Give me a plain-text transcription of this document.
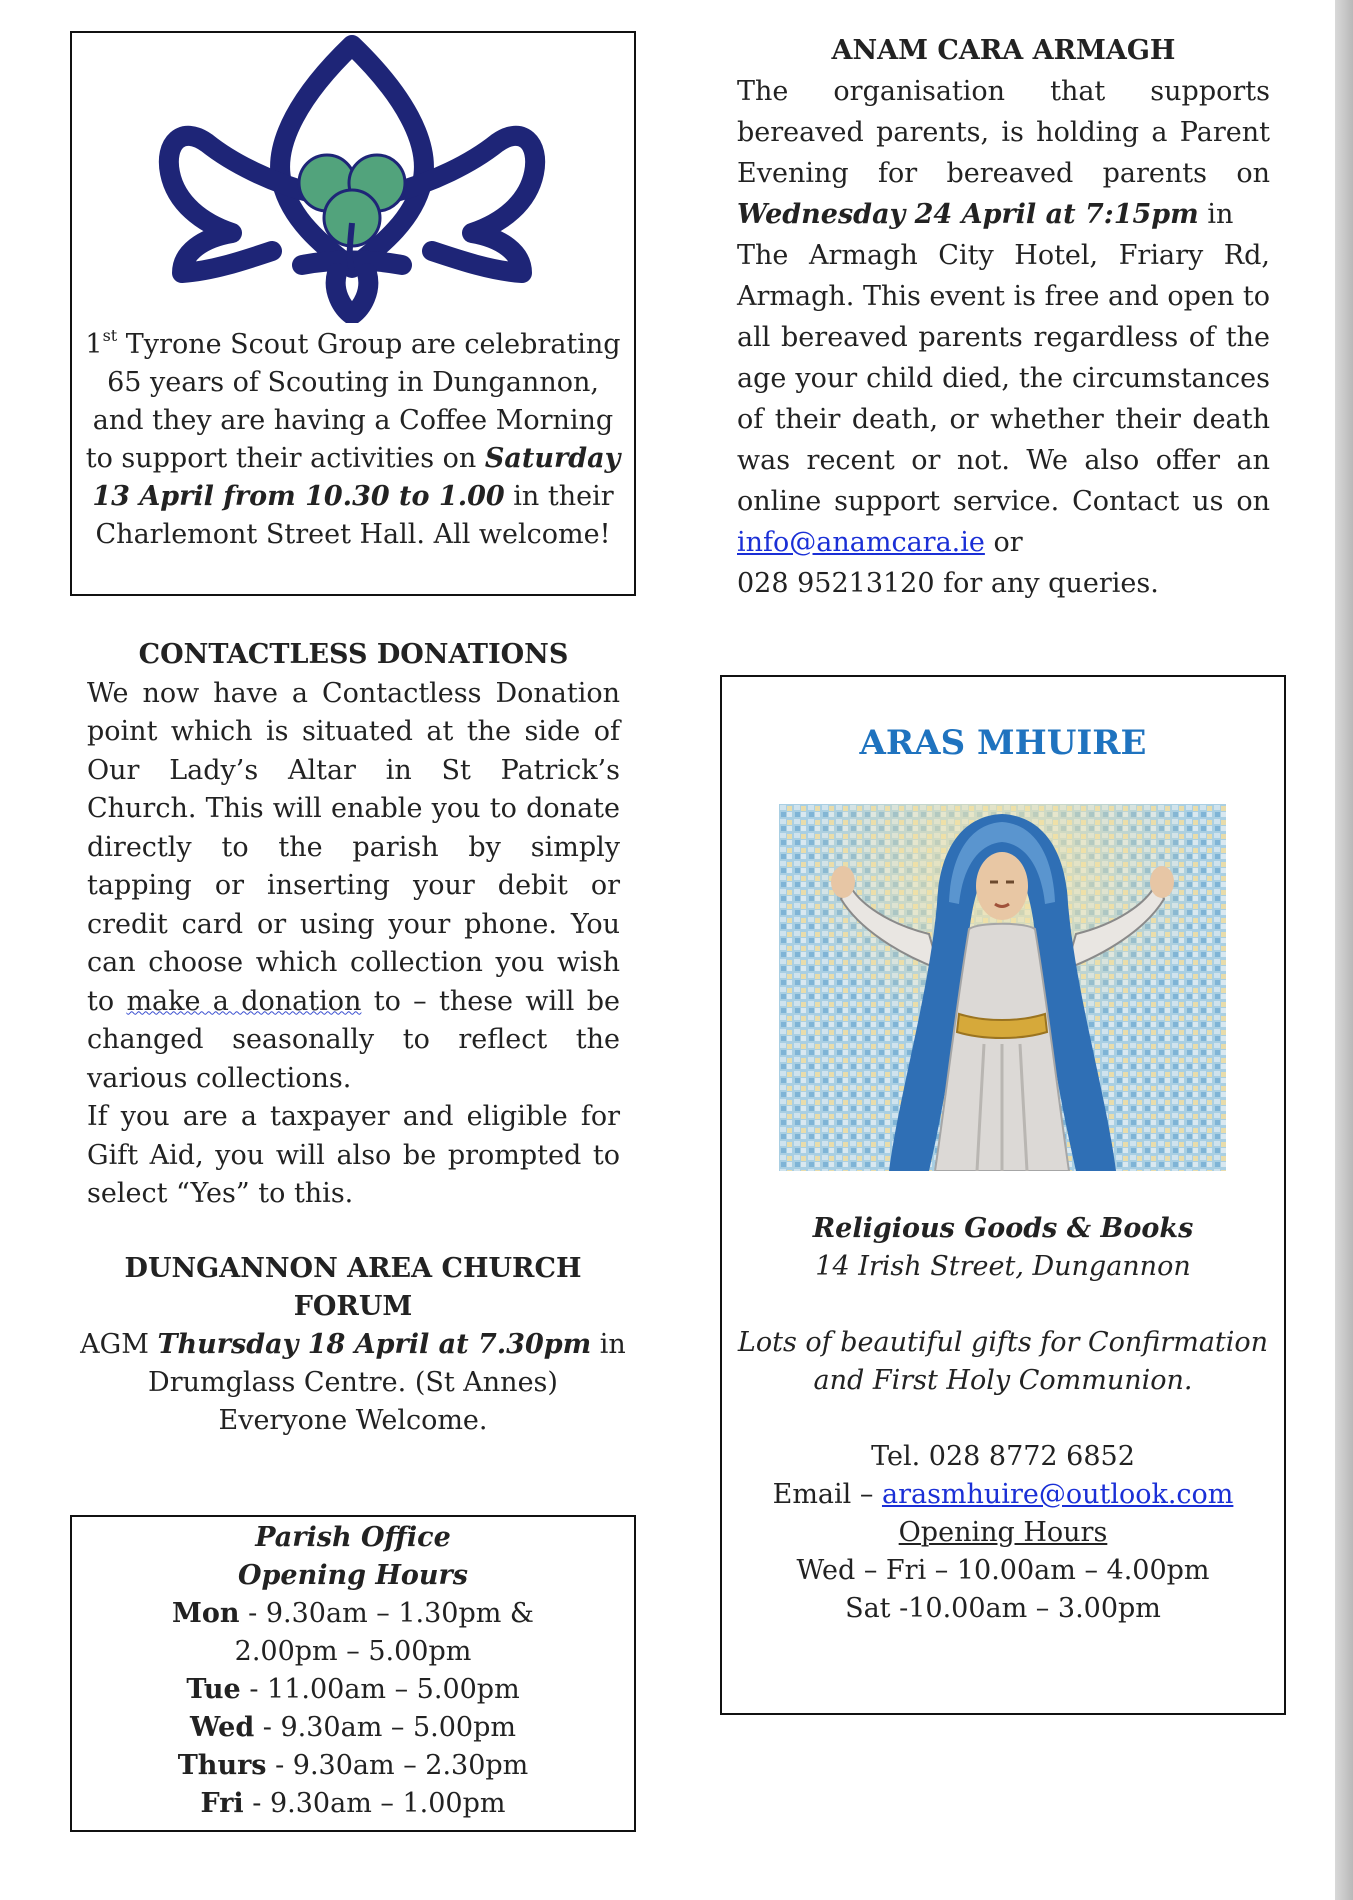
1st Tyrone Scout Group are celebrating 65 years of Scouting in Dungannon, and they are having a Coffee Morning to support their activities on Saturday 13 April from 10.30 to 1.00 in their Charlemont Street Hall. All welcome!
ANAM CARA ARMAGH
The organisation that supports bereaved parents, is holding a Parent Evening for bereaved parents on Wednesday 24 April at 7:15pm in
The Armagh City Hotel, Friary Rd, Armagh. This event is free and open to all bereaved parents regardless of the age your child died, the circumstances of their death, or whether their death was recent or not. We also offer an online support service. Contact us on info@anamcara.ie or
028 95213120 for any queries.
CONTACTLESS DONATIONS
We now have a Contactless Donation point which is situated at the side of Our Lady’s Altar in St Patrick’s Church. This will enable you to donate directly to the parish by simply tapping or inserting your debit or credit card or using your phone. You can choose which collection you wish to make a donation to – these will be changed seasonally to reflect the various collections.
If you are a taxpayer and eligible for Gift Aid, you will also be prompted to select “Yes” to this.
DUNGANNON AREA CHURCH
FORUM
AGM Thursday 18 April at 7.30pm in
Drumglass Centre. (St Annes)
Everyone Welcome.
Parish Office
Opening Hours
Mon - 9.30am – 1.30pm &
2.00pm – 5.00pm
Tue - 11.00am – 5.00pm
Wed - 9.30am – 5.00pm
Thurs - 9.30am – 2.30pm
Fri - 9.30am – 1.00pm
ARAS MHUIRE
Religious Goods & Books
14 Irish Street, Dungannon
Lots of beautiful gifts for Confirmation
and First Holy Communion.
Tel. 028 8772 6852
Email – arasmhuire@outlook.com
Opening Hours
Wed – Fri – 10.00am – 4.00pm
Sat -10.00am – 3.00pm
